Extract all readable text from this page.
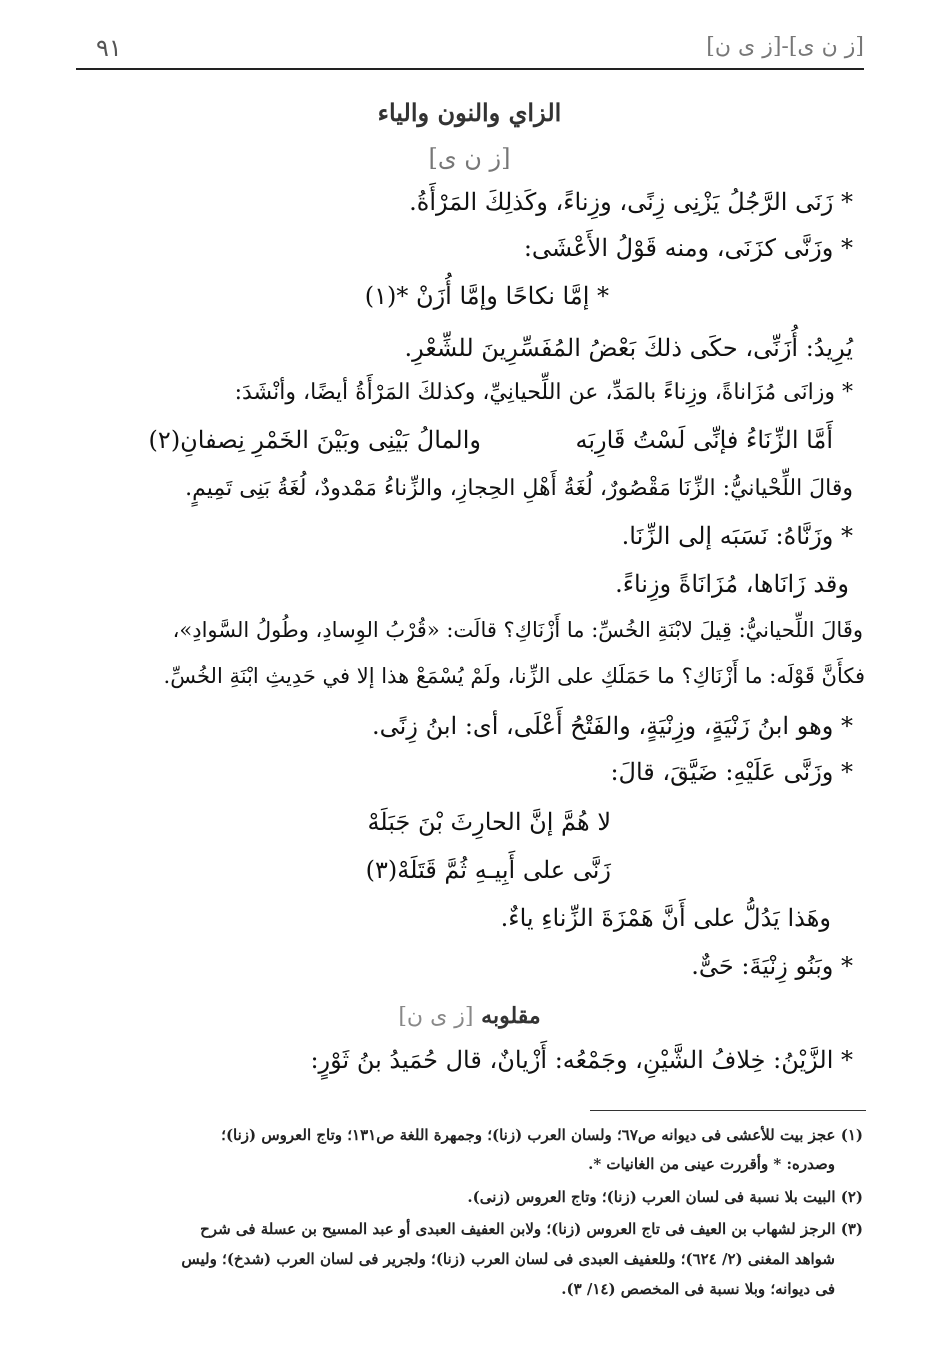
٩١	[ز ن ی]-[ز ی ن]
الزاي والنون والياء
[ز ن ی]
* زَنَى الرَّجُلُ يَزْنِى زِنًى، وزِناءً، وكَذلِكَ المَرْأَةُ.
* وزَنَّى كزَنَى، ومنه قَوْلُ الأَعْشَى:
* إمَّا نكاحًا وإمَّا أُزَنْ *(١)
يُرِيدُ: أُزَنِّى، حكَى ذلكَ بَعْضُ المُفَسِّرِينَ للشِّعْرِ.
* وزانَى مُزَاناةً، وزِناءً بالمَدِّ، عن اللِّحيانِيِّ، وكذلكَ المَرْأَةُ أيضًا، وأنْشَدَ:
أَمَّا الزِّنَاءُ فإنِّى لَسْتُ قَارِبَه
والمالُ بَيْنِى وبَيْنَ الخَمْرِ نِصفانِ(٢)
وقالَ اللِّحْيانيُّ: الزِّنَا مَقْصُورٌ، لُغَةُ أَهْلِ الحِجازِ، والزِّناءُ مَمْدودٌ، لُغَةُ بَنِى تَمِيمٍ.
* وزَنَّاهُ: نَسَبَه إلى الزِّنَا.
وقد زَانَاها، مُزَانَاةً وزِناءً.
وقَالَ اللِّحيانيُّ: قِيلَ لابْنَةِ الخُسِّ: ما أَزْنَاكِ؟ قالَت: «قُرْبُ الوِسادِ، وطُولُ السَّوادِ»،
فكأَنَّ قَوْلَه: ما أَزْنَاكِ؟ ما حَمَلَكِ على الزِّنا، ولَمْ يُسْمَعْ هذا إلا في حَدِيثِ ابْنَةِ الخُسِّ.
* وهو ابنُ زَنْيَةٍ، وزِنْيَةٍ، والفَتْحُ أَعْلَى، أى: ابنُ زِنًى.
* وزَنَّى عَلَيْهِ: ضَيَّقَ، قالَ:
لا هُمَّ إنَّ الحارِثَ بْنَ جَبَلَهْ
زَنَّى على أَبِيـهِ ثُمَّ قَتَلَهْ(٣)
وهَذا يَدُلُّ على أَنَّ هَمْزَةَ الزِّناءِ ياءٌ.
* وبَنُو زِنْيَةَ: حَىٌّ.
مقلوبه [ز ی ن]
* الزَّيْنُ: خِلافُ الشَّيْنِ، وجَمْعُه: أَزْيانٌ، قال حُمَيدُ بنُ ثَوْرٍ:
(١) عجز بيت للأعشى فى ديوانه ص٦٧؛ ولسان العرب (زنا)؛ وجمهرة اللغة ص١٣١؛ وتاج العروس (زنا)؛
وصدره: * وأقررت عينى من الغانيات *.
(٢) البيت بلا نسبة فى لسان العرب (زنا)؛ وتاج العروس (زنى).
(٣) الرجز لشهاب بن العيف فى تاج العروس (زنا)؛ ولابن العفيف العبدى أو عبد المسيح بن عسلة فى شرح
شواهد المغنى (٢/ ٦٢٤)؛ وللعفيف العبدى فى لسان العرب (زنا)؛ ولجرير فى لسان العرب (شدخ)؛ وليس
فى ديوانه؛ وبلا نسبة فى المخصص (١٤/ ٣).
